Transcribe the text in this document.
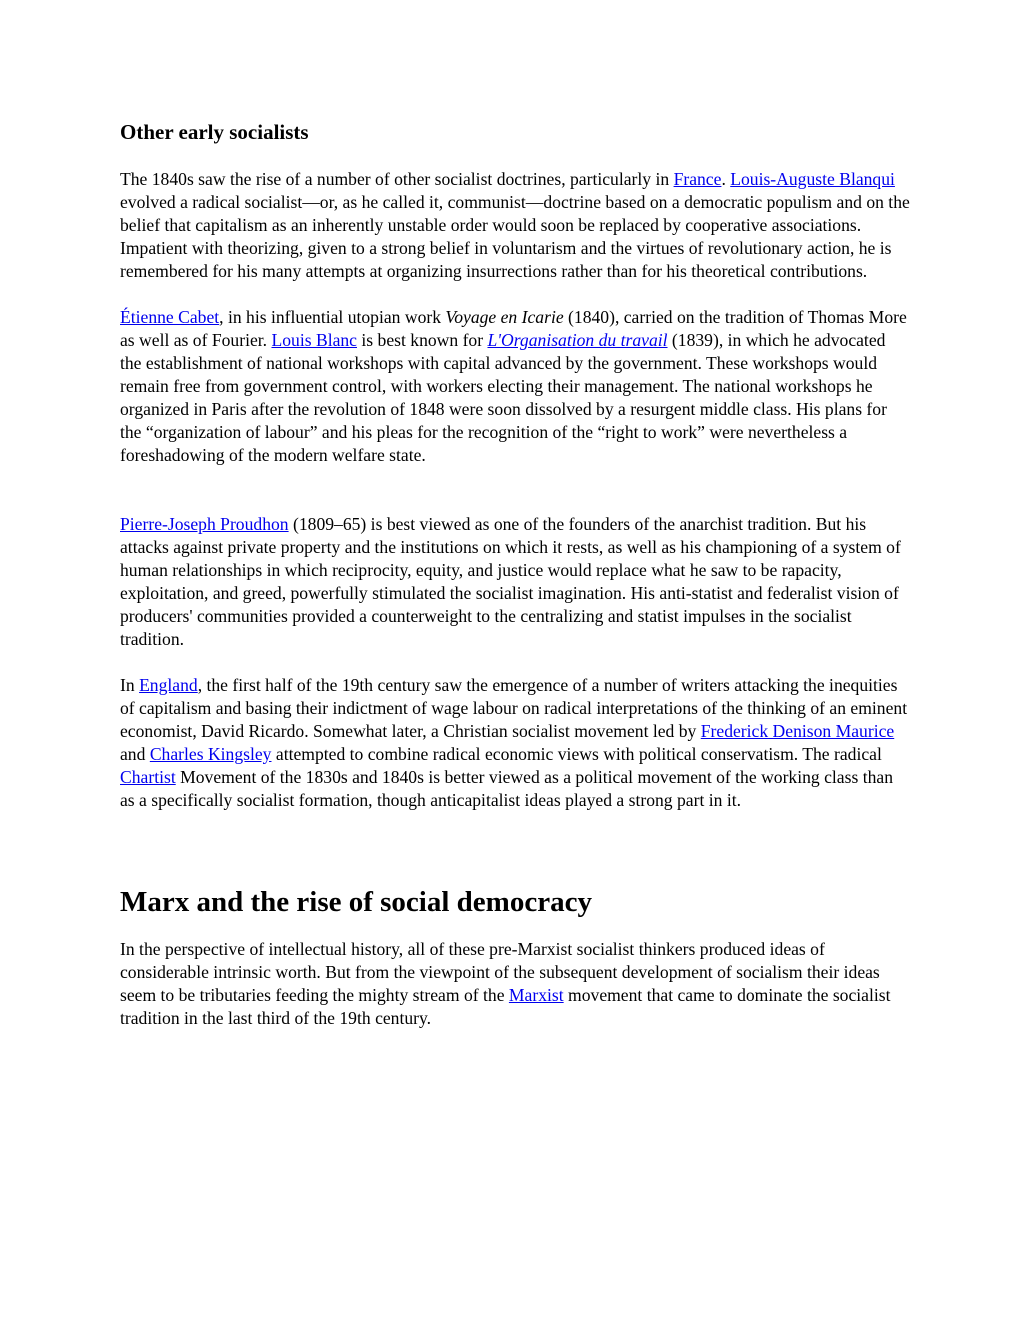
Other early socialists

The 1840s saw the rise of a number of other socialist doctrines, particularly in France. Louis-Auguste Blanqui evolved a radical socialist—or, as he called it, communist—doctrine based on a democratic populism and on the belief that capitalism as an inherently unstable order would soon be replaced by cooperative associations. Impatient with theorizing, given to a strong belief in voluntarism and the virtues of revolutionary action, he is remembered for his many attempts at organizing insurrections rather than for his theoretical contributions.

Étienne Cabet, in his influential utopian work Voyage en Icarie (1840), carried on the tradition of Thomas More as well as of Fourier. Louis Blanc is best known for L'Organisation du travail (1839), in which he advocated the establishment of national workshops with capital advanced by the government. These workshops would remain free from government control, with workers electing their management. The national workshops he organized in Paris after the revolution of 1848 were soon dissolved by a resurgent middle class. His plans for the “organization of labour” and his pleas for the recognition of the “right to work” were nevertheless a foreshadowing of the modern welfare state.

Pierre-Joseph Proudhon (1809–65) is best viewed as one of the founders of the anarchist tradition. But his attacks against private property and the institutions on which it rests, as well as his championing of a system of human relationships in which reciprocity, equity, and justice would replace what he saw to be rapacity, exploitation, and greed, powerfully stimulated the socialist imagination. His anti-statist and federalist vision of producers' communities provided a counterweight to the centralizing and statist impulses in the socialist tradition.

In England, the first half of the 19th century saw the emergence of a number of writers attacking the inequities of capitalism and basing their indictment of wage labour on radical interpretations of the thinking of an eminent economist, David Ricardo. Somewhat later, a Christian socialist movement led by Frederick Denison Maurice and Charles Kingsley attempted to combine radical economic views with political conservatism. The radical Chartist Movement of the 1830s and 1840s is better viewed as a political movement of the working class than as a specifically socialist formation, though anticapitalist ideas played a strong part in it.

Marx and the rise of social democracy

In the perspective of intellectual history, all of these pre-Marxist socialist thinkers produced ideas of considerable intrinsic worth. But from the viewpoint of the subsequent development of socialism their ideas seem to be tributaries feeding the mighty stream of the Marxist movement that came to dominate the socialist tradition in the last third of the 19th century.
